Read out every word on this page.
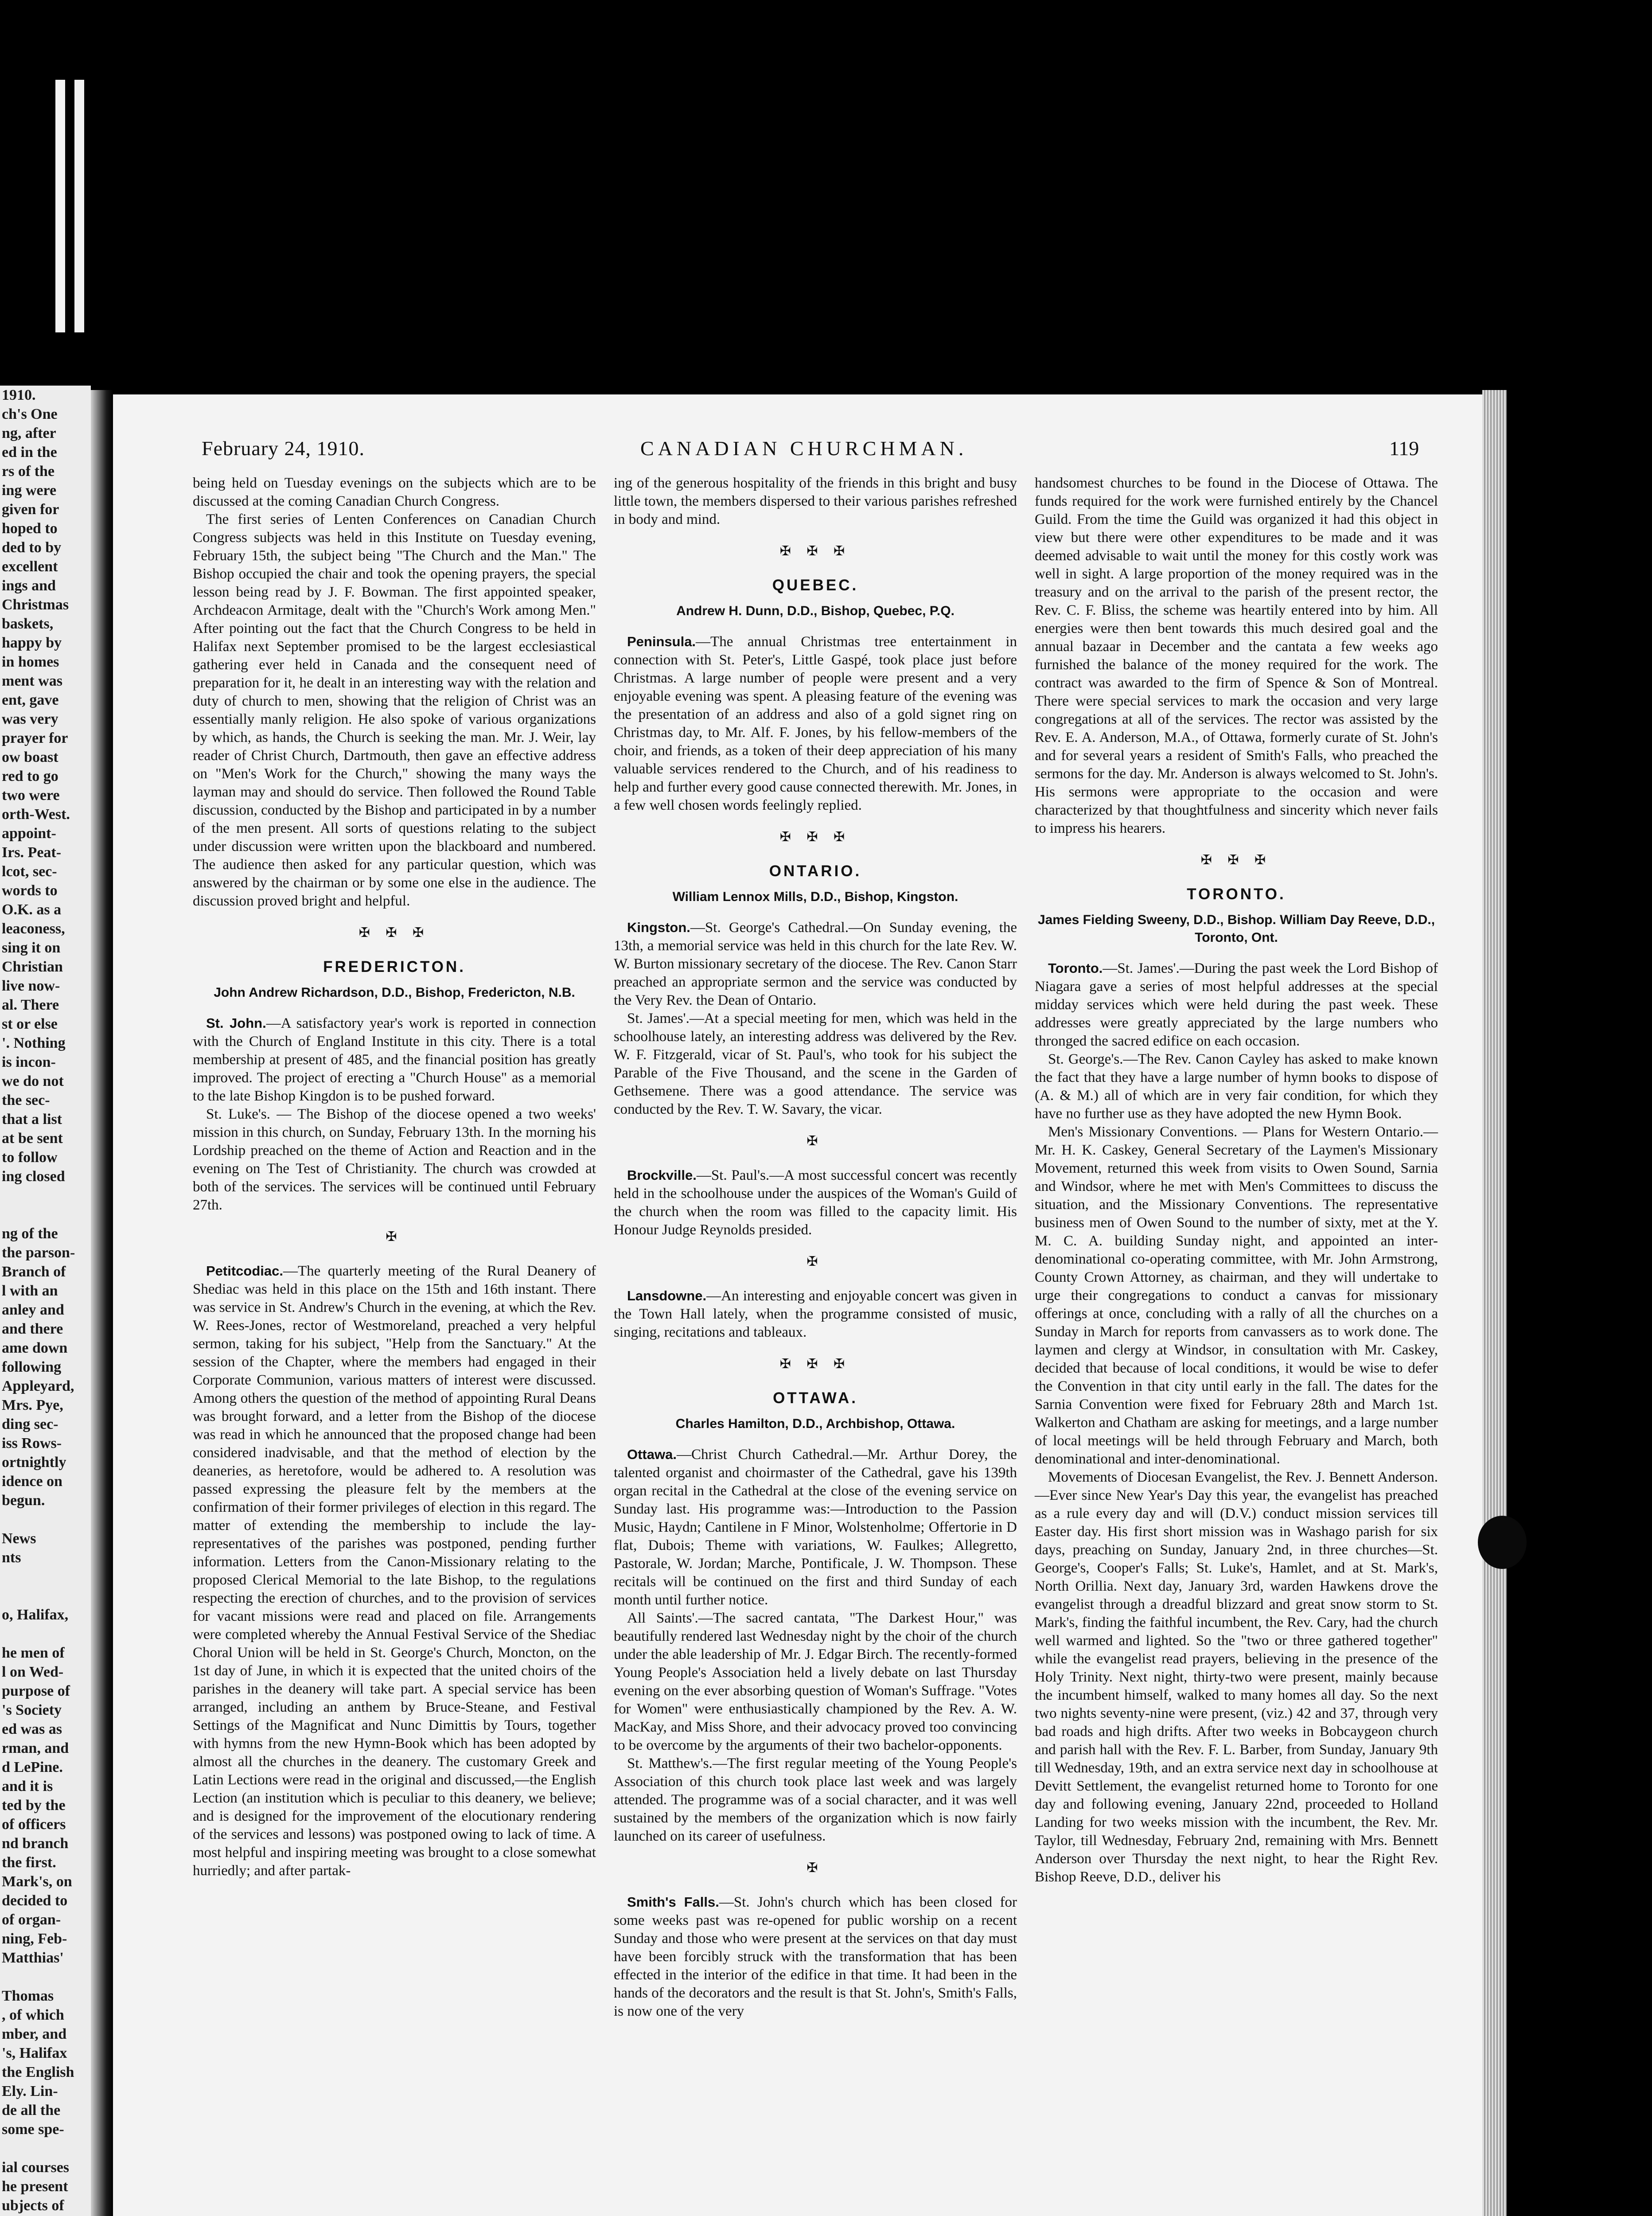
1910.
ch's One
ng, after
ed in the
rs of the
ing were
given for
hoped to
ded to by
excellent
ings and
Christmas
baskets,
happy by
in homes
ment was
ent, gave
was very
prayer for
ow boast
red to go
two were
orth-West.
appoint-
Irs. Peat-
lcot, sec-
words to
O.K. as a
leaconess,
sing it on
Christian
live now-
al. There
st or else
'. Nothing
is incon-
we do not
the sec-
that a list
at be sent
to follow
ing closed
ng of the
the parson-
Branch of
l with an
anley and
and there
ame down
following
Appleyard,
Mrs. Pye,
ding sec-
iss Rows-
ortnightly
idence on
begun.
News
nts
o, Halifax,
he men of
l on Wed-
purpose of
's Society
ed was as
rman, and
d LePine.
and it is
ted by the
of officers
nd branch
the first.
Mark's, on
decided to
of organ-
ning, Feb-
Matthias'
Thomas
, of which
mber, and
's, Halifax
the English
Ely. Lin-
de all the
some spe-
ial courses
he present
ubjects of
February 24, 1910.	CANADIAN CHURCHMAN.	119

being held on Tuesday evenings on the subjects which are to be discussed at the coming Canadian Church Congress.

The first series of Lenten Conferences on Canadian Church Congress subjects was held in this Institute on Tuesday evening, February 15th, the subject being "The Church and the Man." The Bishop occupied the chair and took the opening prayers, the special lesson being read by J. F. Bowman. The first appointed speaker, Archdeacon Armitage, dealt with the "Church's Work among Men." After pointing out the fact that the Church Congress to be held in Halifax next September promised to be the largest ecclesiastical gathering ever held in Canada and the consequent need of preparation for it, he dealt in an interesting way with the relation and duty of church to men, showing that the religion of Christ was an essentially manly religion. He also spoke of various organizations by which, as hands, the Church is seeking the man. Mr. J. Weir, lay reader of Christ Church, Dartmouth, then gave an effective address on "Men's Work for the Church," showing the many ways the layman may and should do service. Then followed the Round Table discussion, conducted by the Bishop and participated in by a number of the men present. All sorts of questions relating to the subject under discussion were written upon the blackboard and numbered. The audience then asked for any particular question, which was answered by the chairman or by some one else in the audience. The discussion proved bright and helpful.

✠ ✠ ✠
FREDERICTON.
John Andrew Richardson, D.D., Bishop, Fredericton, N.B.

St. John.—A satisfactory year's work is reported in connection with the Church of England Institute in this city. There is a total membership at present of 485, and the financial position has greatly improved. The project of erecting a "Church House" as a memorial to the late Bishop Kingdon is to be pushed forward.

St. Luke's. — The Bishop of the diocese opened a two weeks' mission in this church, on Sunday, February 13th. In the morning his Lordship preached on the theme of Action and Reaction and in the evening on The Test of Christianity. The church was crowded at both of the services. The services will be continued until February 27th.

✠

Petitcodiac.—The quarterly meeting of the Rural Deanery of Shediac was held in this place on the 15th and 16th instant. There was service in St. Andrew's Church in the evening, at which the Rev. W. Rees-Jones, rector of Westmoreland, preached a very helpful sermon, taking for his subject, "Help from the Sanctuary." At the session of the Chapter, where the members had engaged in their Corporate Communion, various matters of interest were discussed. Among others the question of the method of appointing Rural Deans was brought forward, and a letter from the Bishop of the diocese was read in which he announced that the proposed change had been considered inadvisable, and that the method of election by the deaneries, as heretofore, would be adhered to. A resolution was passed expressing the pleasure felt by the members at the confirmation of their former privileges of election in this regard. The matter of extending the membership to include the lay-representatives of the parishes was postponed, pending further information. Letters from the Canon-Missionary relating to the proposed Clerical Memorial to the late Bishop, to the regulations respecting the erection of churches, and to the provision of services for vacant missions were read and placed on file. Arrangements were completed whereby the Annual Festival Service of the Shediac Choral Union will be held in St. George's Church, Moncton, on the 1st day of June, in which it is expected that the united choirs of the parishes in the deanery will take part. A special service has been arranged, including an anthem by Bruce-Steane, and Festival Settings of the Magnificat and Nunc Dimittis by Tours, together with hymns from the new Hymn-Book which has been adopted by almost all the churches in the deanery. The customary Greek and Latin Lections were read in the original and discussed,—the English Lection (an institution which is peculiar to this deanery, we believe; and is designed for the improvement of the elocutionary rendering of the services and lessons) was postponed owing to lack of time. A most helpful and inspiring meeting was brought to a close somewhat hurriedly; and after partak-

ing of the generous hospitality of the friends in this bright and busy little town, the members dispersed to their various parishes refreshed in body and mind.

✠ ✠ ✠
QUEBEC.
Andrew H. Dunn, D.D., Bishop, Quebec, P.Q.

Peninsula.—The annual Christmas tree entertainment in connection with St. Peter's, Little Gaspé, took place just before Christmas. A large number of people were present and a very enjoyable evening was spent. A pleasing feature of the evening was the presentation of an address and also of a gold signet ring on Christmas day, to Mr. Alf. F. Jones, by his fellow-members of the choir, and friends, as a token of their deep appreciation of his many valuable services rendered to the Church, and of his readiness to help and further every good cause connected therewith. Mr. Jones, in a few well chosen words feelingly replied.

✠ ✠ ✠
ONTARIO.
William Lennox Mills, D.D., Bishop, Kingston.

Kingston.—St. George's Cathedral.—On Sunday evening, the 13th, a memorial service was held in this church for the late Rev. W. W. Burton missionary secretary of the diocese. The Rev. Canon Starr preached an appropriate sermon and the service was conducted by the Very Rev. the Dean of Ontario.

St. James'.—At a special meeting for men, which was held in the schoolhouse lately, an interesting address was delivered by the Rev. W. F. Fitzgerald, vicar of St. Paul's, who took for his subject the Parable of the Five Thousand, and the scene in the Garden of Gethsemene. There was a good attendance. The service was conducted by the Rev. T. W. Savary, the vicar.

✠

Brockville.—St. Paul's.—A most successful concert was recently held in the schoolhouse under the auspices of the Woman's Guild of the church when the room was filled to the capacity limit. His Honour Judge Reynolds presided.

✠

Lansdowne.—An interesting and enjoyable concert was given in the Town Hall lately, when the programme consisted of music, singing, recitations and tableaux.

✠ ✠ ✠
OTTAWA.
Charles Hamilton, D.D., Archbishop, Ottawa.

Ottawa.—Christ Church Cathedral.—Mr. Arthur Dorey, the talented organist and choirmaster of the Cathedral, gave his 139th organ recital in the Cathedral at the close of the evening service on Sunday last. His programme was:—Introduction to the Passion Music, Haydn; Cantilene in F Minor, Wolstenholme; Offertorie in D flat, Dubois; Theme with variations, W. Faulkes; Allegretto, Pastorale, W. Jordan; Marche, Pontificale, J. W. Thompson. These recitals will be continued on the first and third Sunday of each month until further notice.

All Saints'.—The sacred cantata, "The Darkest Hour," was beautifully rendered last Wednesday night by the choir of the church under the able leadership of Mr. J. Edgar Birch. The recently-formed Young People's Association held a lively debate on last Thursday evening on the ever absorbing question of Woman's Suffrage. "Votes for Women" were enthusiastically championed by the Rev. A. W. MacKay, and Miss Shore, and their advocacy proved too convincing to be overcome by the arguments of their two bachelor-opponents.

St. Matthew's.—The first regular meeting of the Young People's Association of this church took place last week and was largely attended. The programme was of a social character, and it was well sustained by the members of the organization which is now fairly launched on its career of usefulness.

✠

Smith's Falls.—St. John's church which has been closed for some weeks past was re-opened for public worship on a recent Sunday and those who were present at the services on that day must have been forcibly struck with the transformation that has been effected in the interior of the edifice in that time. It had been in the hands of the decorators and the result is that St. John's, Smith's Falls, is now one of the very

handsomest churches to be found in the Diocese of Ottawa. The funds required for the work were furnished entirely by the Chancel Guild. From the time the Guild was organized it had this object in view but there were other expenditures to be made and it was deemed advisable to wait until the money for this costly work was well in sight. A large proportion of the money required was in the treasury and on the arrival to the parish of the present rector, the Rev. C. F. Bliss, the scheme was heartily entered into by him. All energies were then bent towards this much desired goal and the annual bazaar in December and the cantata a few weeks ago furnished the balance of the money required for the work. The contract was awarded to the firm of Spence & Son of Montreal. There were special services to mark the occasion and very large congregations at all of the services. The rector was assisted by the Rev. E. A. Anderson, M.A., of Ottawa, formerly curate of St. John's and for several years a resident of Smith's Falls, who preached the sermons for the day. Mr. Anderson is always welcomed to St. John's. His sermons were appropriate to the occasion and were characterized by that thoughtfulness and sincerity which never fails to impress his hearers.

✠ ✠ ✠
TORONTO.
James Fielding Sweeny, D.D., Bishop. William Day Reeve, D.D., Toronto, Ont.

Toronto.—St. James'.—During the past week the Lord Bishop of Niagara gave a series of most helpful addresses at the special midday services which were held during the past week. These addresses were greatly appreciated by the large numbers who thronged the sacred edifice on each occasion.

St. George's.—The Rev. Canon Cayley has asked to make known the fact that they have a large number of hymn books to dispose of (A. & M.) all of which are in very fair condition, for which they have no further use as they have adopted the new Hymn Book.

Men's Missionary Conventions. — Plans for Western Ontario.—Mr. H. K. Caskey, General Secretary of the Laymen's Missionary Movement, returned this week from visits to Owen Sound, Sarnia and Windsor, where he met with Men's Committees to discuss the situation, and the Missionary Conventions. The representative business men of Owen Sound to the number of sixty, met at the Y. M. C. A. building Sunday night, and appointed an inter-denominational co-operating committee, with Mr. John Armstrong, County Crown Attorney, as chairman, and they will undertake to urge their congregations to conduct a canvas for missionary offerings at once, concluding with a rally of all the churches on a Sunday in March for reports from canvassers as to work done. The laymen and clergy at Windsor, in consultation with Mr. Caskey, decided that because of local conditions, it would be wise to defer the Convention in that city until early in the fall. The dates for the Sarnia Convention were fixed for February 28th and March 1st. Walkerton and Chatham are asking for meetings, and a large number of local meetings will be held through February and March, both denominational and inter-denominational.

Movements of Diocesan Evangelist, the Rev. J. Bennett Anderson.—Ever since New Year's Day this year, the evangelist has preached as a rule every day and will (D.V.) conduct mission services till Easter day. His first short mission was in Washago parish for six days, preaching on Sunday, January 2nd, in three churches—St. George's, Cooper's Falls; St. Luke's, Hamlet, and at St. Mark's, North Orillia. Next day, January 3rd, warden Hawkens drove the evangelist through a dreadful blizzard and great snow storm to St. Mark's, finding the faithful incumbent, the Rev. Cary, had the church well warmed and lighted. So the "two or three gathered together" while the evangelist read prayers, believing in the presence of the Holy Trinity. Next night, thirty-two were present, mainly because the incumbent himself, walked to many homes all day. So the next two nights seventy-nine were present, (viz.) 42 and 37, through very bad roads and high drifts. After two weeks in Bobcaygeon church and parish hall with the Rev. F. L. Barber, from Sunday, January 9th till Wednesday, 19th, and an extra service next day in schoolhouse at Devitt Settlement, the evangelist returned home to Toronto for one day and following evening, January 22nd, proceeded to Holland Landing for two weeks mission with the incumbent, the Rev. Mr. Taylor, till Wednesday, February 2nd, remaining with Mrs. Bennett Anderson over Thursday the next night, to hear the Right Rev. Bishop Reeve, D.D., deliver his
